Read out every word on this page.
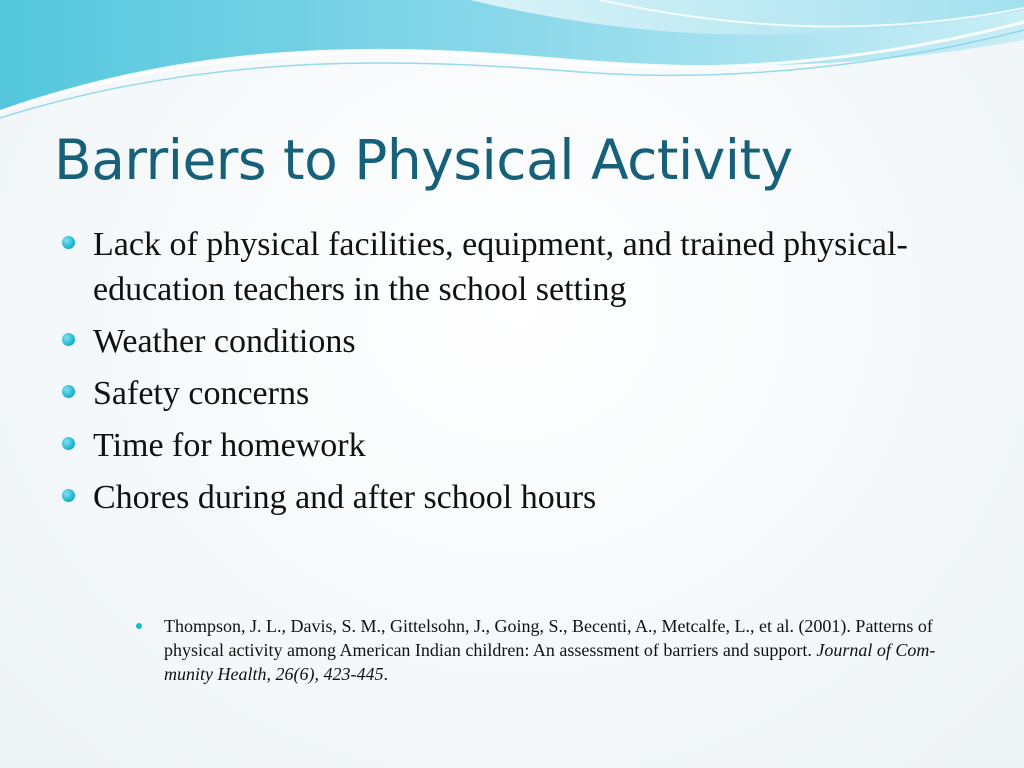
Barriers to Physical Activity
Lack of physical facilities, equipment, and trained physical-education teachers in the school setting
Weather conditions
Safety concerns
Time for homework
Chores during and after school hours
Thompson, J. L., Davis, S. M., Gittelsohn, J., Going, S., Becenti, A., Metcalfe, L., et al. (2001). Patterns of physical activity among American Indian children: An assessment of barriers and support. Journal of Com- munity Health, 26(6), 423-445.
